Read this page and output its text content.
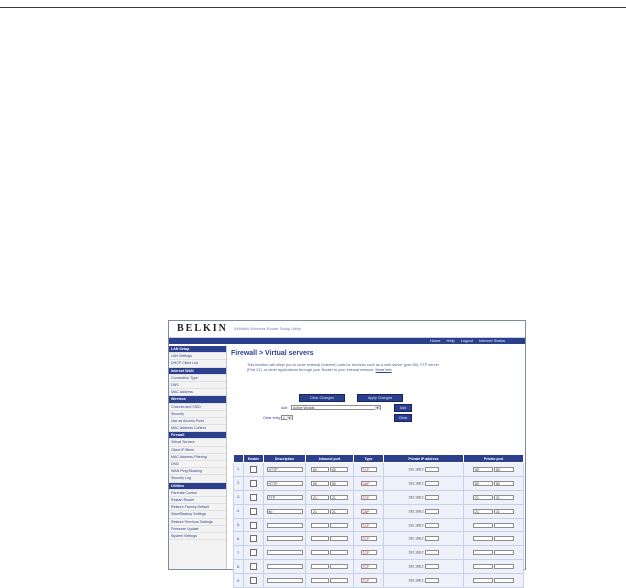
BELKIN 54Mbit/s Wireless Router Setup Utility
Home Help Logout Internet Status
LAN Setup
LAN Settings
DHCP Client List
Internet WAN
Connection Type
DNS
MAC Address
Wireless
Channel and SSID
Security
Use as Access Point
MAC Address Control
Firewall
Virtual Servers
Client IP filters
MAC Address Filtering
DMZ
WAN Ping Blocking
Security Log
Utilities
Parental Control
Restart Router
Restore Factory Default
Save/Backup Settings
Restore Previous Settings
Firmware Update
System Settings
Firewall > Virtual servers
This function will allow you to route external (Internet) calls for services such as a web server (port 80), FTP server (Port 21), or other applications through your Router to your internal network. More Info
Clear Changes	Apply Changes
Add	Active Worlds	▼	Add
Clear entry 1	▼	Clear
	Enable	Description	Inbound port	Type	Private IP address	Private port
1.		HTTP	80 80	TCP	192.168.2.	80 80
2.		HTTP	80 80	UDP	192.168.2.	80 80
3.		FTP	21 21	TCP	192.168.2.	21 21
4.		ftp	21 21	UDP	192.168.2.	21 21
5.				TCP	192.168.2.	
6.				TCP	192.168.2.	
7.				TCP	192.168.2.	
8.				TCP	192.168.2.	
9.				TCP	192.168.2.	
